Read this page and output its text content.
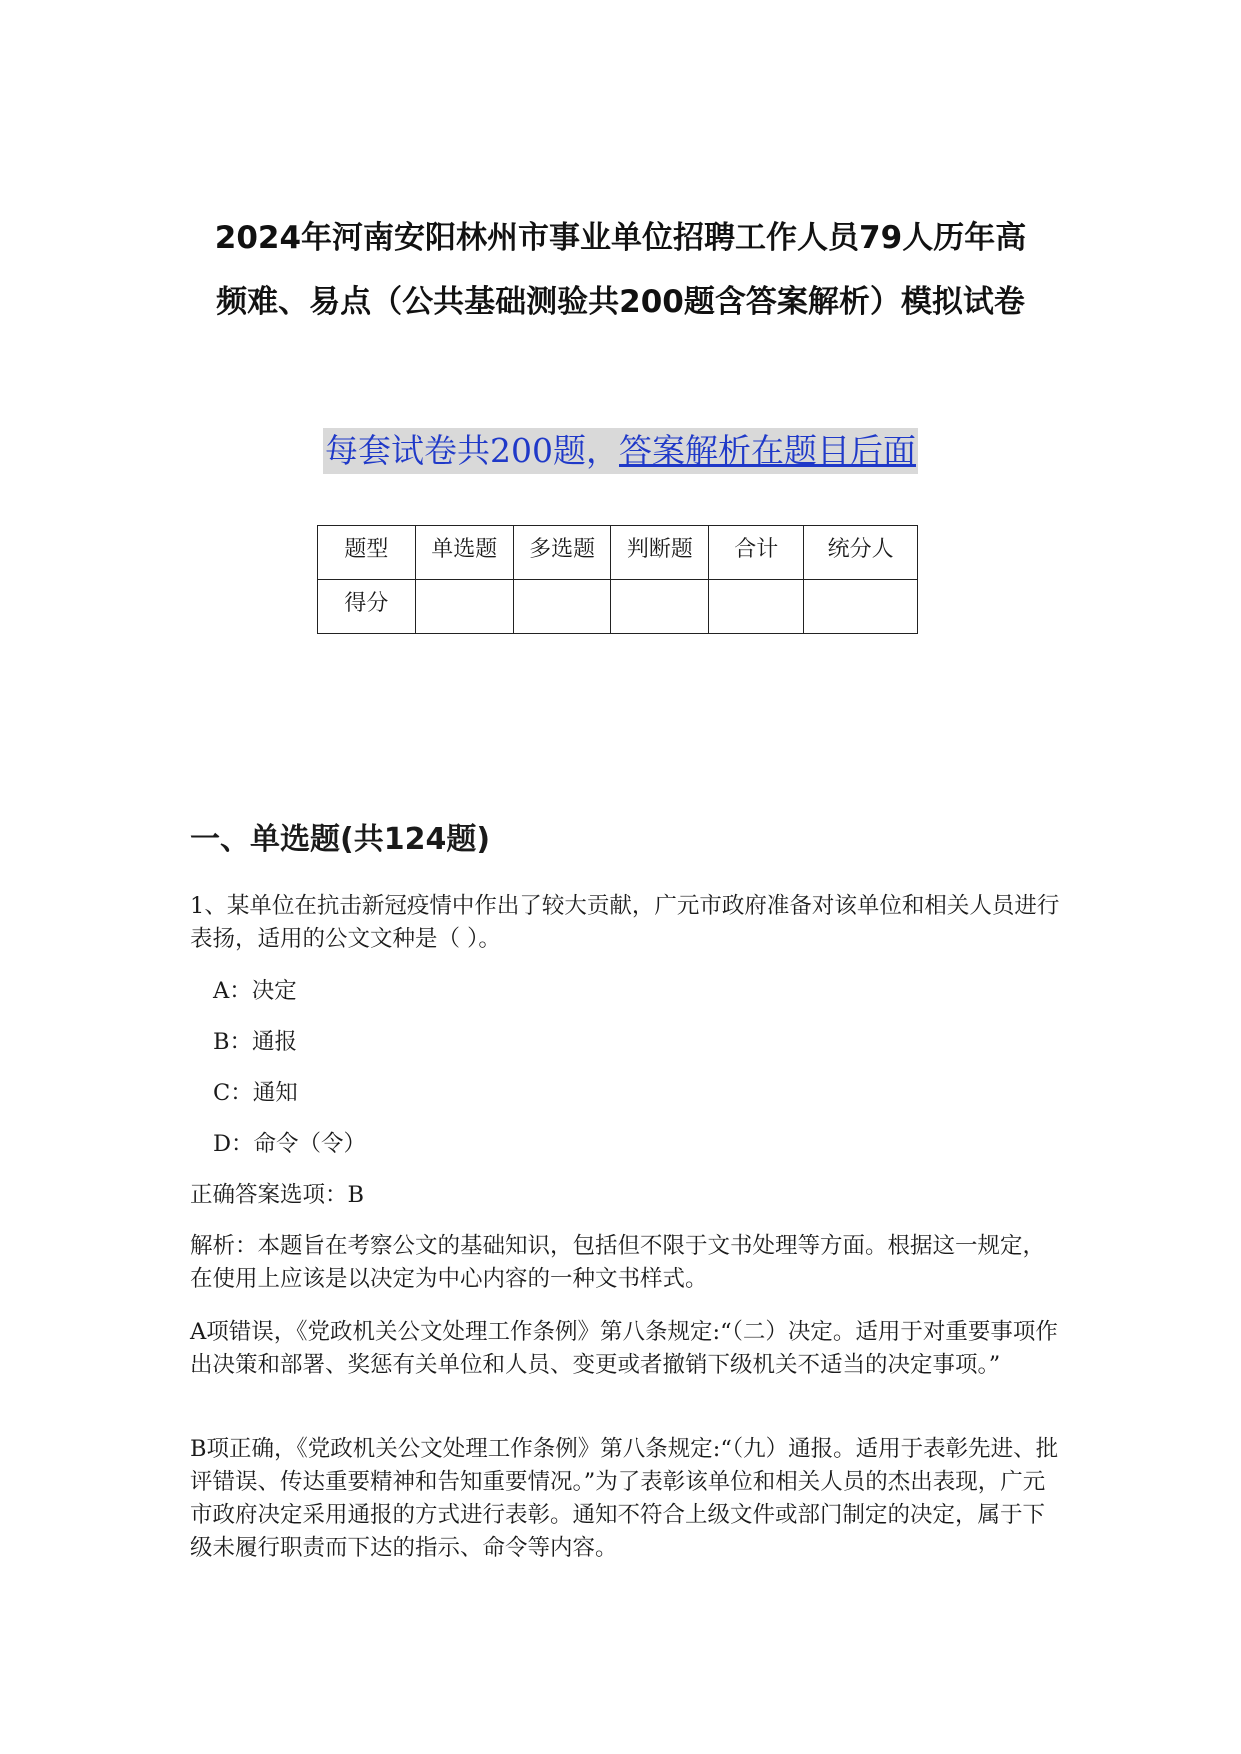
2024年河南安阳林州市事业单位招聘工作人员79人历年高
频难、易点（公共基础测验共200题含答案解析）模拟试卷
每套试卷共200题，答案解析在题目后面
题型	单选题	多选题	判断题	合计	统分人
得分					
一、单选题(共124题)
1、某单位在抗击新冠疫情中作出了较大贡献，广元市政府准备对该单位和相关人员进行表扬，适用的公文文种是（ ）。
A：决定
B：通报
C：通知
D：命令（令）
正确答案选项：B
解析：本题旨在考察公文的基础知识，包括但不限于文书处理等方面。根据这一规定，在使用上应该是以决定为中心内容的一种文书样式。
A项错误，《党政机关公文处理工作条例》第八条规定:“（二）决定。适用于对重要事项作出决策和部署、奖惩有关单位和人员、变更或者撤销下级机关不适当的决定事项。”
B项正确，《党政机关公文处理工作条例》第八条规定:“（九）通报。适用于表彰先进、批评错误、传达重要精神和告知重要情况。”为了表彰该单位和相关人员的杰出表现，广元市政府决定采用通报的方式进行表彰。通知不符合上级文件或部门制定的决定，属于下级未履行职责而下达的指示、命令等内容。
